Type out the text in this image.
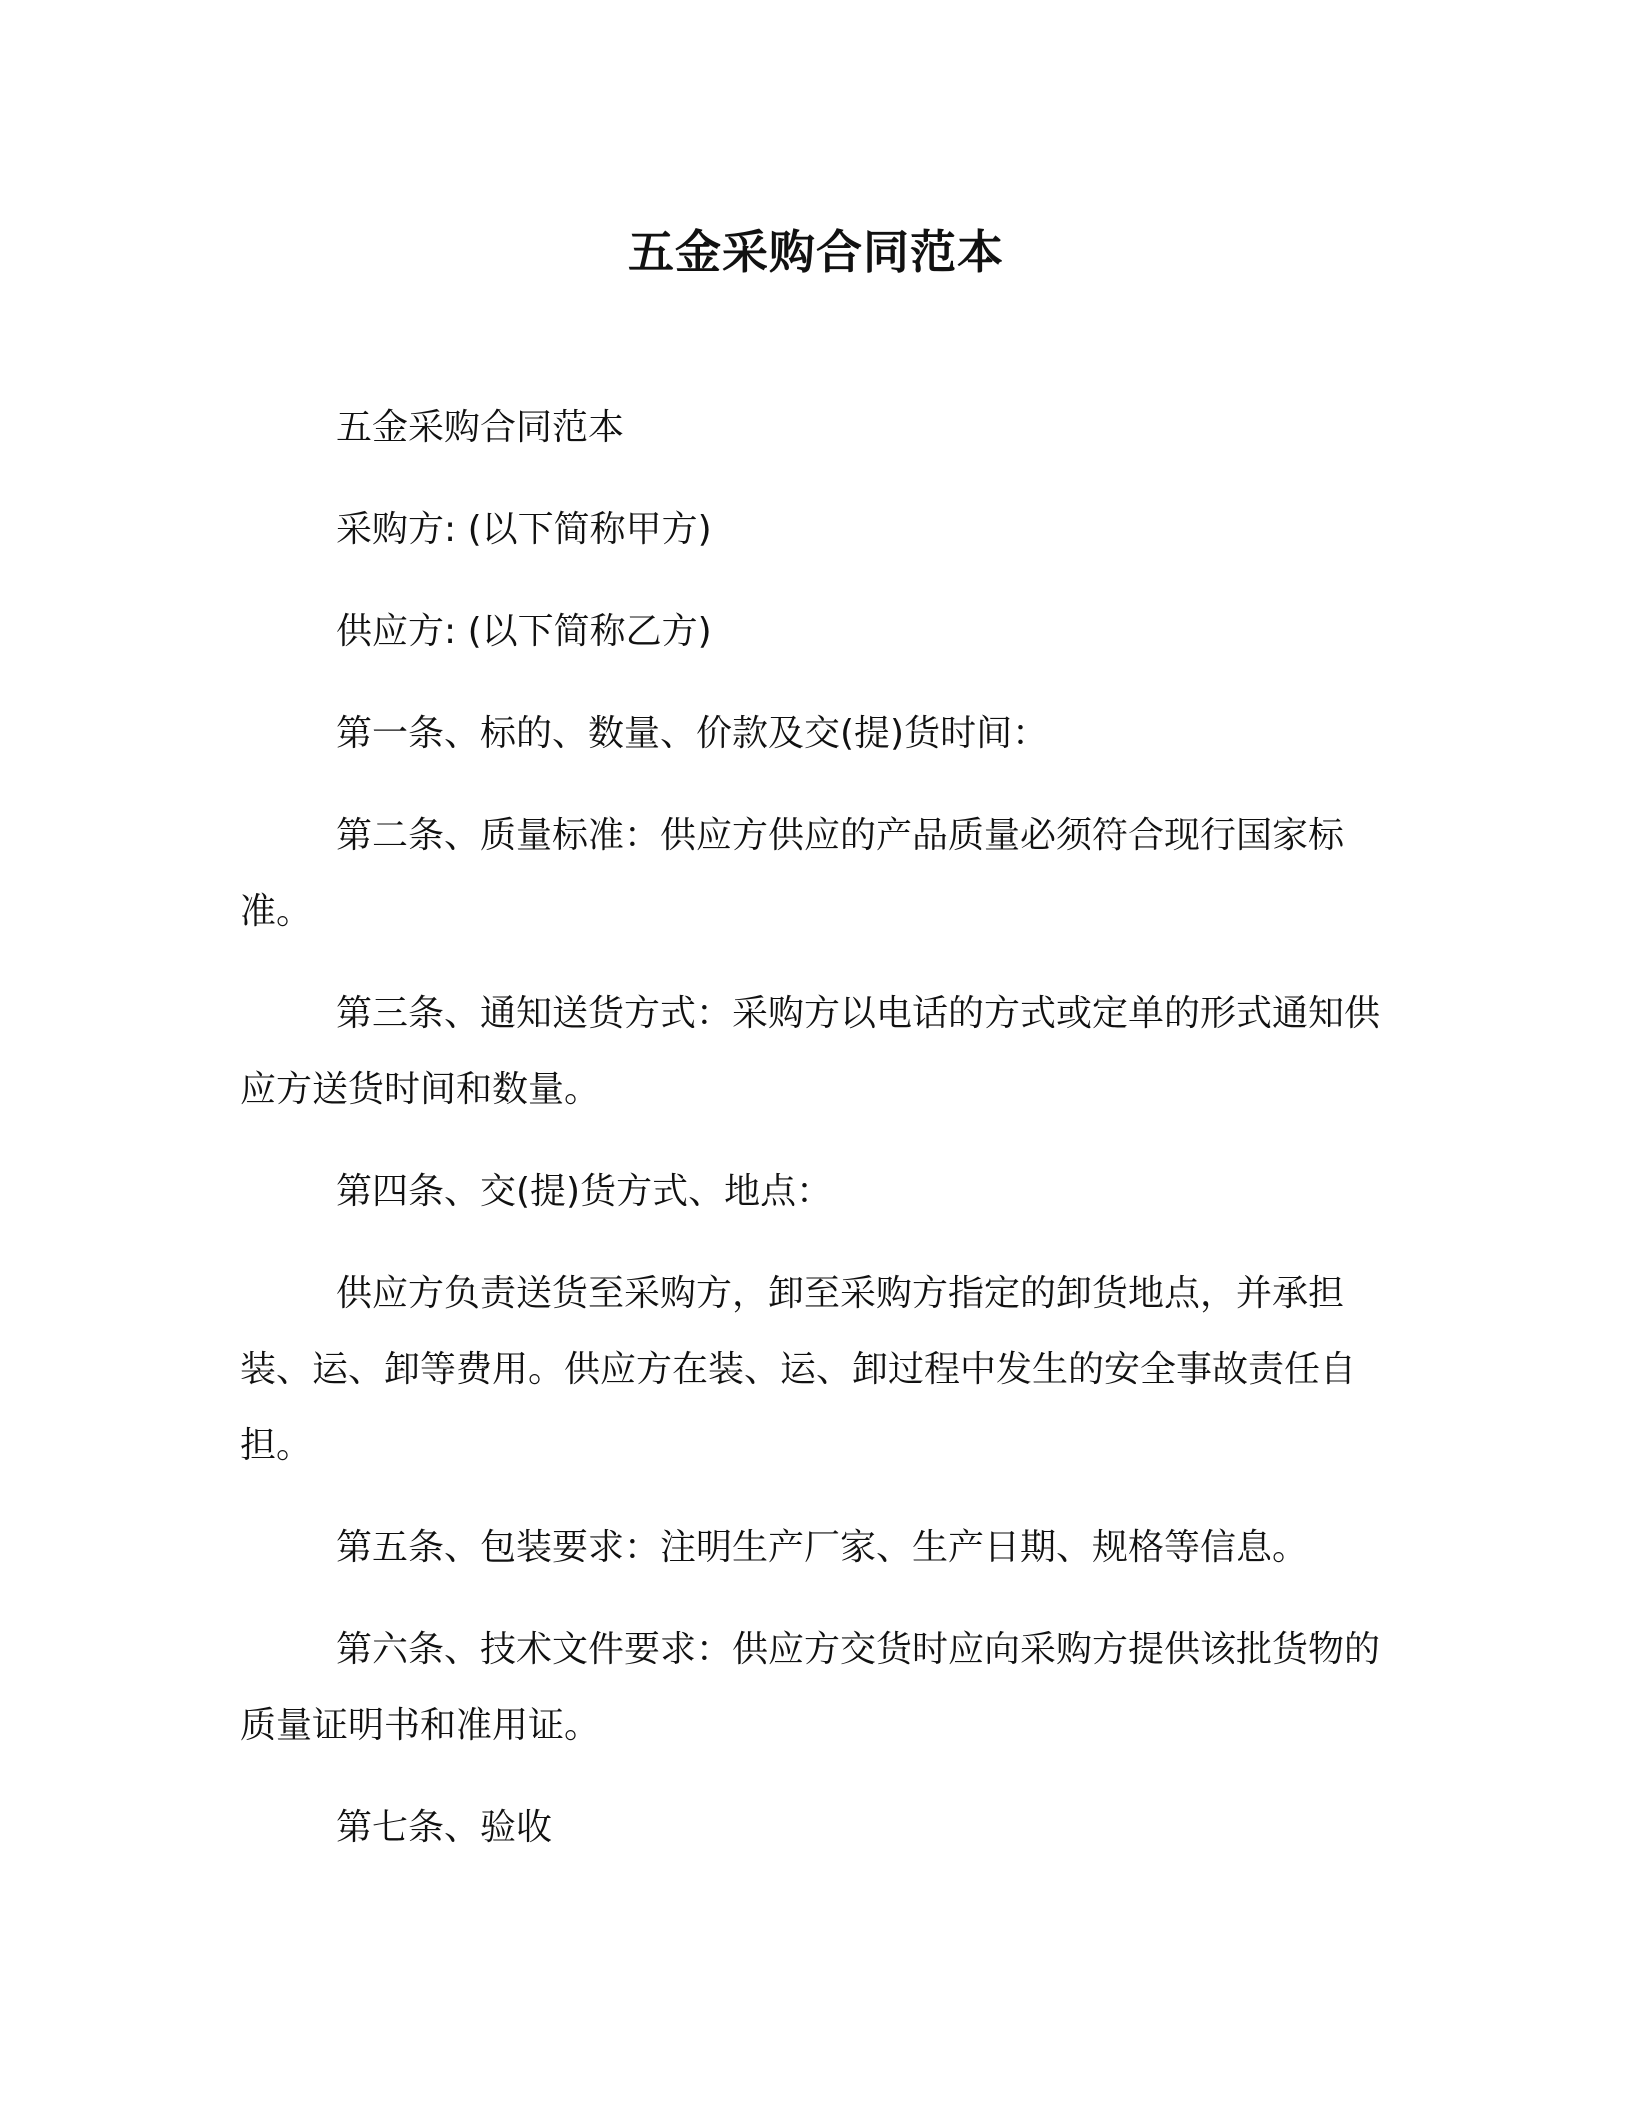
五金采购合同范本

五金采购合同范本

采购方: (以下简称甲方)

供应方: (以下简称乙方)

第一条、标的、数量、价款及交(提)货时间：

第二条、质量标准：供应方供应的产品质量必须符合现行国家标准。

第三条、通知送货方式：采购方以电话的方式或定单的形式通知供应方送货时间和数量。

第四条、交(提)货方式、地点：

供应方负责送货至采购方，卸至采购方指定的卸货地点，并承担装、运、卸等费用。供应方在装、运、卸过程中发生的安全事故责任自担。

第五条、包装要求：注明生产厂家、生产日期、规格等信息。

第六条、技术文件要求：供应方交货时应向采购方提供该批货物的质量证明书和准用证。

第七条、验收
